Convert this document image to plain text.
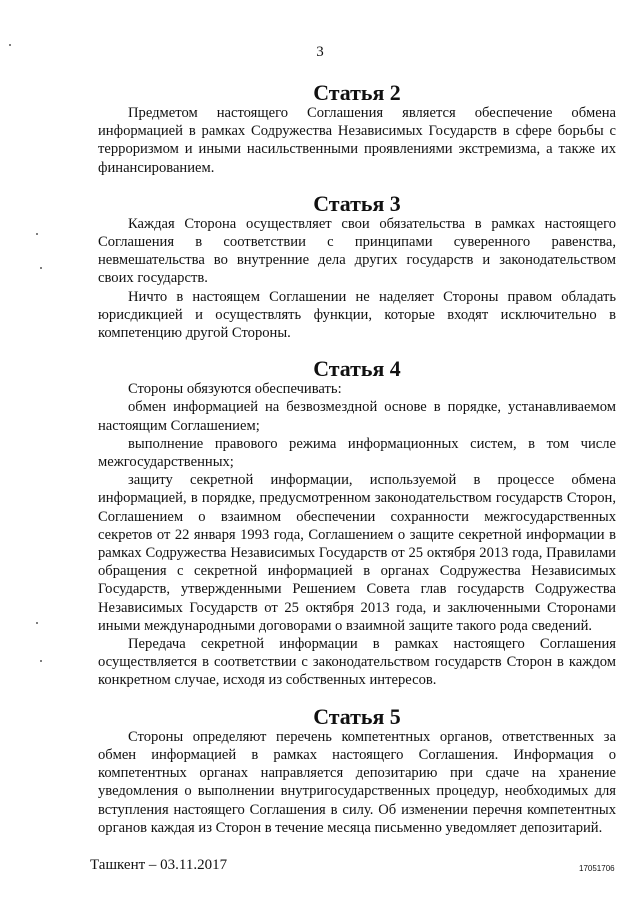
3
Статья 2

Предметом настоящего Соглашения является обеспечение обмена информацией в рамках Содружества Независимых Государств в сфере борьбы с терроризмом и иными насильственными проявлениями экстремизма, а также их финансированием.

Статья 3

Каждая Сторона осуществляет свои обязательства в рамках настоящего Соглашения в соответствии с принципами суверенного равенства, невмешательства во внутренние дела других государств и законодательством своих государств.

Ничто в настоящем Соглашении не наделяет Стороны правом обладать юрисдикцией и осуществлять функции, которые входят исключительно в компетенцию другой Стороны.

Статья 4

Стороны обязуются обеспечивать:

обмен информацией на безвозмездной основе в порядке, устанавливаемом настоящим Соглашением;

выполнение правового режима информационных систем, в том числе межгосударственных;

защиту секретной информации, используемой в процессе обмена информацией, в порядке, предусмотренном законодательством государств Сторон, Соглашением о взаимном обеспечении сохранности межгосударственных секретов от 22 января 1993 года, Соглашением о защите секретной информации в рамках Содружества Независимых Государств от 25 октября 2013 года, Правилами обращения с секретной информацией в органах Содружества Независимых Государств, утвержденными Решением Совета глав государств Содружества Независимых Государств от 25 октября 2013 года, и заключенными Сторонами иными международными договорами о взаимной защите такого рода сведений.

Передача секретной информации в рамках настоящего Соглашения осуществляется в соответствии с законодательством государств Сторон в каждом конкретном случае, исходя из собственных интересов.

Статья 5

Стороны определяют перечень компетентных органов, ответственных за обмен информацией в рамках настоящего Соглашения. Информация о компетентных органах направляется депозитарию при сдаче на хранение уведомления о выполнении внутригосударственных процедур, необходимых для вступления настоящего Соглашения в силу. Об изменении перечня компетентных органов каждая из Сторон в течение месяца письменно уведомляет депозитарий.

Ташкент – 03.11.2017	17051706
